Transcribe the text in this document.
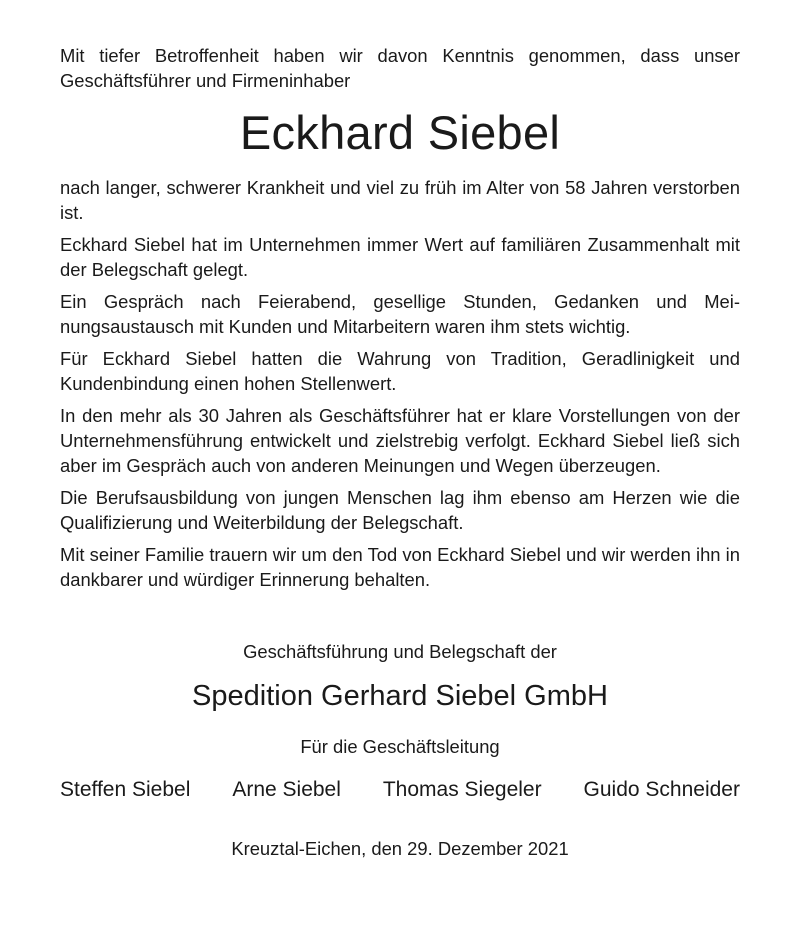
Mit tiefer Betroffenheit haben wir davon Kenntnis genommen, dass unser Geschäftsführer und Firmeninhaber

Eckhard Siebel

nach langer, schwerer Krankheit und viel zu früh im Alter von 58 Jahren verstorben ist.

Eckhard Siebel hat im Unternehmen immer Wert auf familiären Zusammenhalt mit der Belegschaft gelegt.

Ein Gespräch nach Feierabend, gesellige Stunden, Gedanken und Meinungsaustausch mit Kunden und Mitarbeitern waren ihm stets wichtig.

Für Eckhard Siebel hatten die Wahrung von Tradition, Geradlinigkeit und Kundenbindung einen hohen Stellenwert.

In den mehr als 30 Jahren als Geschäftsführer hat er klare Vorstellungen von der Unternehmensführung entwickelt und zielstrebig verfolgt. Eckhard Siebel ließ sich aber im Gespräch auch von anderen Meinungen und Wegen überzeugen.

Die Berufsausbildung von jungen Menschen lag ihm ebenso am Herzen wie die Qualifizierung und Weiterbildung der Belegschaft.

Mit seiner Familie trauern wir um den Tod von Eckhard Siebel und wir werden ihn in dankbarer und würdiger Erinnerung behalten.

Geschäftsführung und Belegschaft der
Spedition Gerhard Siebel GmbH
Für die Geschäftsleitung
Steffen Siebel Arne Siebel Thomas Siegeler Guido Schneider
Kreuztal-Eichen, den 29. Dezember 2021
